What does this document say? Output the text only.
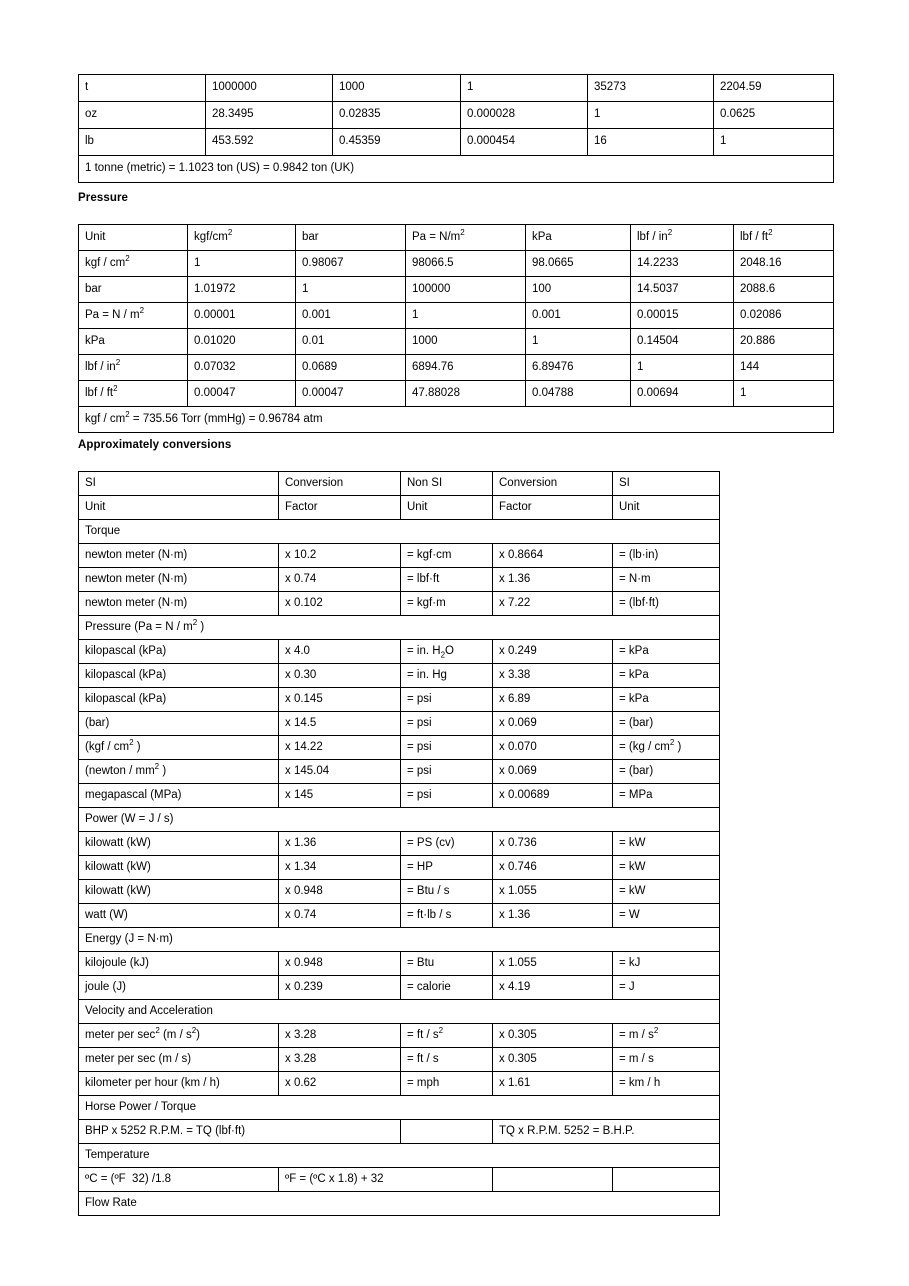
t	1000000	1000	1	35273	2204.59
oz	28.3495	0.02835	0.000028	1	0.0625
lb	453.592	0.45359	0.000454	16	1
1 tonne (metric) = 1.1023 ton (US) = 0.9842 ton (UK)					
Pressure
Unit	kgf/$cm^2$	bar	$Pa = N/m^2$	kPa	lbf / $in^2$	lbf / $ft^2$
kgf / $cm^2$	1	0.98067	98066.5	98.0665	14.2233	2048.16
bar	1.01972	1	100000	100	14.5037	2088.6
$Pa = N / m^2$	0.00001	0.001	1	0.001	0.00015	0.02086
kPa	0.01020	0.01	1000	1	0.14504	20.886
lbf / $in^2$	0.07032	0.0689	6894.76	6.89476	1	144
lbf / $ft^2$	0.00047	0.00047	47.88028	0.04788	0.00694	1
kgf / $cm^2 = 735.56$ Torr (mmHg) = 0.96784 atm						
Approximately conversions
SI	Conversion	Non SI	Conversion	SI
Unit	Factor	Unit	Factor	Unit
Torque				
newton meter (N·m)	x 10.2	= kgf·cm	x 0.8664	= (lb·in)
newton meter (N·m)	x 0.74	= lbf·ft	x 1.36	= N·m
newton meter (N·m)	x 0.102	= kgf·m	x 7.22	= (lbf·ft)
Pressure ($Pa = N / m^2$ )				
kilopascal (kPa)	x 4.0	= in. $H_2O$	x 0.249	= kPa
kilopascal (kPa)	x 0.30	= in. Hg	x 3.38	= kPa
kilopascal (kPa)	x 0.145	= psi	x 6.89	= kPa
(bar)	x 14.5	= psi	x 0.069	= (bar)
($kgf / cm^2$ )	x 14.22	= psi	x 0.070	= ($kg / cm^2$ )
(newton / $mm^2$ )	x 145.04	= psi	x 0.069	= (bar)
megapascal (MPa)	x 145	= psi	x 0.00689	= MPa
Power (W = J / s)				
kilowatt (kW)	x 1.36	= PS (cv)	x 0.736	= kW
kilowatt (kW)	x 1.34	= HP	x 0.746	= kW
kilowatt (kW)	x 0.948	= Btu / s	x 1.055	= kW
watt (W)	x 0.74	= ft·lb / s	x 1.36	= W
Energy (J = N·m)				
kilojoule (kJ)	x 0.948	= Btu	x 1.055	= kJ
joule (J)	x 0.239	= calorie	x 4.19	= J
Velocity and Acceleration				
meter per $\sec^2 (m / s^2)$	x 3.28	= ft / $s^2$	x 0.305	= m / $s^2$
meter per sec (m / s)	x 3.28	= ft / s	x 0.305	= m / s
kilometer per hour (km / h)	x 0.62	= mph	x 1.61	= km / h
Horse Power / Torque				
BHP x 5252 R.P.M. = TQ (lbf·ft)			TQ x R.P.M. 5252 = B.H.P.	
Temperature				
ºC = (ºF  32) /1.8	ºF = (ºC x 1.8) + 32			
Flow Rate				
